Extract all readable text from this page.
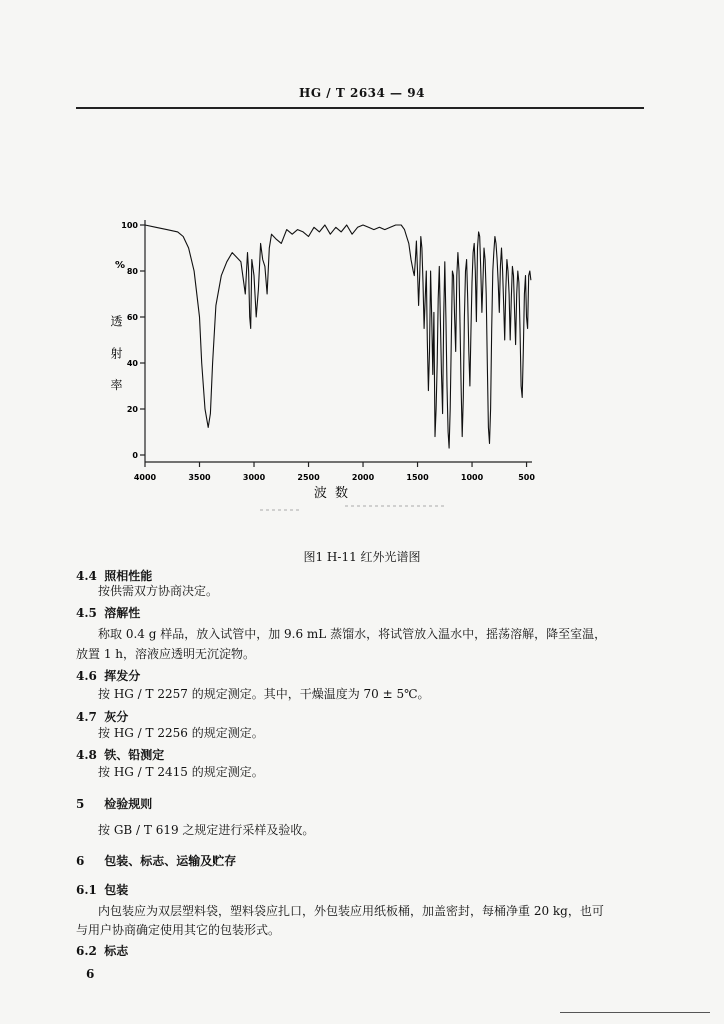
HG / T 2634 — 94
0
20
40
60
80
100
4000	3500	3000	2500	2000	1500	1000	500
%
透 射 率
波 数
图1 H-11 红外光谱图
4.4 照相性能
按供需双方协商决定。
4.5 溶解性
称取 0.4 g 样品，放入试管中，加 9.6 mL 蒸馏水，将试管放入温水中，摇荡溶解，降至室温，
放置 1 h，溶液应透明无沉淀物。
4.6 挥发分
按 HG / T 2257 的规定测定。其中，干燥温度为 70 ± 5℃。
4.7 灰分
按 HG / T 2256 的规定测定。
4.8 铁、铅测定
按 HG / T 2415 的规定测定。
5 检验规则
按 GB / T 619 之规定进行采样及验收。
6 包装、标志、运输及贮存
6.1 包装
内包装应为双层塑料袋，塑料袋应扎口，外包装应用纸板桶，加盖密封，每桶净重 20 kg，也可
与用户协商确定使用其它的包装形式。
6.2 标志
6
